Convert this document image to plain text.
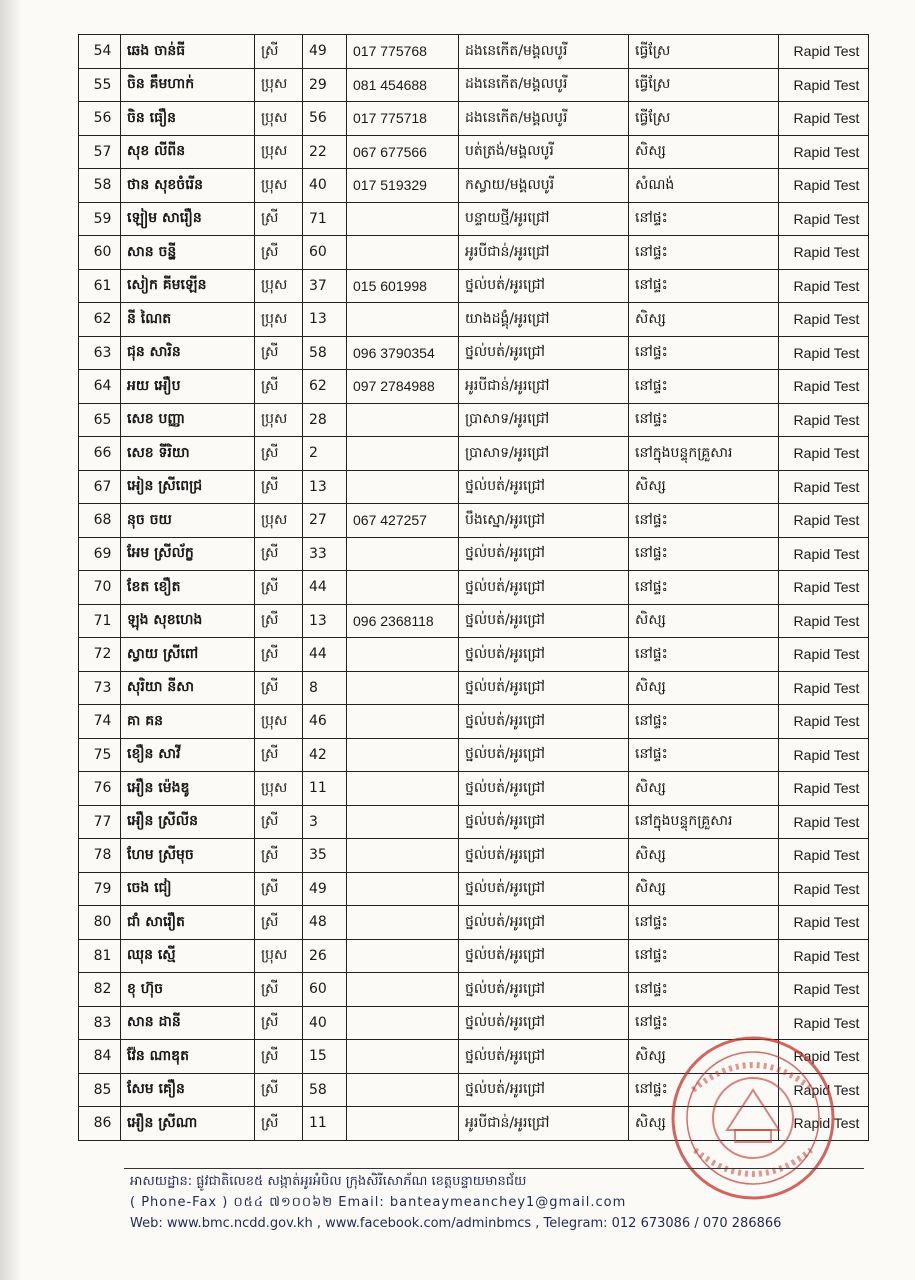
54	ឆេង ចាន់ធី	ស្រី	49	017 775768	ដងនេកើត/មង្គលបូរី	ធ្វើស្រែ	Rapid Test
55	ចិន គឹមហាក់	ប្រុស	29	081 454688	ដងនេកើត/មង្គលបូរី	ធ្វើស្រែ	Rapid Test
56	ចិន ធឿន	ប្រុស	56	017 775718	ដងនេកើត/មង្គលបូរី	ធ្វើស្រែ	Rapid Test
57	សុខ លីពីន	ប្រុស	22	067 677566	បត់ត្រង់/មង្គលបូរី	សិស្ស	Rapid Test
58	ថាន សុខចំរើន	ប្រុស	40	017 519329	កស្វាយ/មង្គលបូរី	សំណង់	Rapid Test
59	ឡៀម សារឿន	ស្រី	71		បន្ទាយថ្មី/អូរជ្រៅ	នៅផ្ទះ	Rapid Test
60	សាន ចន្ធ្នី	ស្រី	60		អូរបីជាន់/អូរជ្រៅ	នៅផ្ទះ	Rapid Test
61	សៀក គីមឡើន	ប្រុស	37	015 601998	ថ្នល់បត់/អូរជ្រៅ	នៅផ្ទះ	Rapid Test
62	នី ណៃត	ប្រុស	13		យាងដង្គុំ/អូរជ្រៅ	សិស្ស	Rapid Test
63	ជុន សារិន	ស្រី	58	096 3790354	ថ្នល់បត់/អូរជ្រៅ	នៅផ្ទះ	Rapid Test
64	អយ អឿប	ស្រី	62	097 2784988	អូរបីជាន់/អូរជ្រៅ	នៅផ្ទះ	Rapid Test
65	សេខ បញ្ញា	ប្រុស	28		ប្រាសាទ/អូរជ្រៅ	នៅផ្ទះ	Rapid Test
66	សេខ ទីរិយា	ស្រី	2		ប្រាសាទ/អូរជ្រៅ	នៅក្នុងបន្ទុកគ្រួសារ	Rapid Test
67	អៀន ស្រីពេជ្រ	ស្រី	13		ថ្នល់បត់/អូរជ្រៅ	សិស្ស	Rapid Test
68	នុច ចយ	ប្រុស	27	067 427257	បឹងស្នោ/អូរជ្រៅ	នៅផ្ទះ	Rapid Test
69	អែម ស្រីល័ក្ខ	ស្រី	33		ថ្នល់បត់/អូរជ្រៅ	នៅផ្ទះ	Rapid Test
70	ខែត ខឿត	ស្រី	44		ថ្នល់បត់/អូរជ្រៅ	នៅផ្ទះ	Rapid Test
71	ឡុង សុខហេង	ស្រី	13	096 2368118	ថ្នល់បត់/អូរជ្រៅ	សិស្ស	Rapid Test
72	ស្វាយ ស្រីពៅ	ស្រី	44		ថ្នល់បត់/អូរជ្រៅ	នៅផ្ទះ	Rapid Test
73	សុរិយា នីសា	ស្រី	8		ថ្នល់បត់/អូរជ្រៅ	សិស្ស	Rapid Test
74	គា គន	ប្រុស	46		ថ្នល់បត់/អូរជ្រៅ	នៅផ្ទះ	Rapid Test
75	ខឿន សាវី	ស្រី	42		ថ្នល់បត់/អូរជ្រៅ	នៅផ្ទះ	Rapid Test
76	អឿន ម៉េងឌូ	ប្រុស	11		ថ្នល់បត់/អូរជ្រៅ	សិស្ស	Rapid Test
77	អឿន ស្រីលីន	ស្រី	3		ថ្នល់បត់/អូរជ្រៅ	នៅក្នុងបន្ទុកគ្រួសារ	Rapid Test
78	ហែម ស្រីមុច	ស្រី	35		ថ្នល់បត់/អូរជ្រៅ	សិស្ស	Rapid Test
79	ចេង ជៀ	ស្រី	49		ថ្នល់បត់/អូរជ្រៅ	សិស្ស	Rapid Test
80	ជាំ សារឿត	ស្រី	48		ថ្នល់បត់/អូរជ្រៅ	នៅផ្ទះ	Rapid Test
81	ឈុន ស្មើ	ប្រុស	26		ថ្នល់បត់/អូរជ្រៅ	នៅផ្ទះ	Rapid Test
82	ខុ ហ៊ុច	ស្រី	60		ថ្នល់បត់/អូរជ្រៅ	នៅផ្ទះ	Rapid Test
83	សាន ដានី	ស្រី	40		ថ្នល់បត់/អូរជ្រៅ	នៅផ្ទះ	Rapid Test
84	វ៉ែន ណាឌុត	ស្រី	15		ថ្នល់បត់/អូរជ្រៅ	សិស្ស	Rapid Test
85	សែម គឿន	ស្រី	58		ថ្នល់បត់/អូរជ្រៅ	នៅផ្ទះ	Rapid Test
86	អឿន ស្រីណា	ស្រី	11		អូរបីជាន់/អូរជ្រៅ	សិស្ស	Rapid Test
អាសយដ្ឋាន: ផ្លូវជាតិលេខ៥ សង្កាត់អូរអំបិល ក្រុងសិរីសោភ័ណ ខេត្តបន្ទាយមានជ័យ
( Phone-Fax ) ០៥៤ ៧១០០៦២ Email: banteaymeanchey1@gmail.com
Web: www.bmc.ncdd.gov.kh , www.facebook.com/adminbmcs , Telegram: 012 673086 / 070 286866
